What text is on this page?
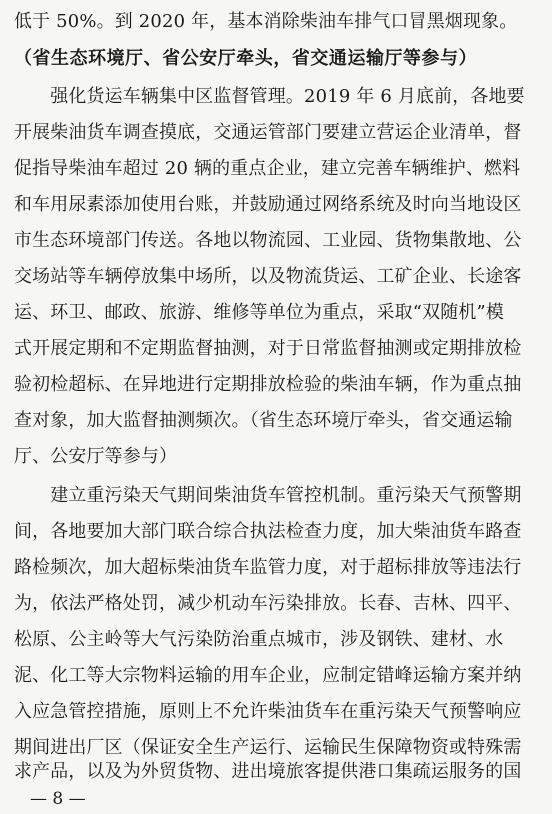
低于 50%。到 2020 年，基本消除柴油车排气口冒黑烟现象。
（省生态环境厅、省公安厅牵头，省交通运输厅等参与）
　　强化货运车辆集中区监督管理。2019 年 6 月底前，各地要
开展柴油货车调查摸底，交通运管部门要建立营运企业清单，督
促指导柴油车超过 20 辆的重点企业，建立完善车辆维护、燃料
和车用尿素添加使用台账，并鼓励通过网络系统及时向当地设区
市生态环境部门传送。各地以物流园、工业园、货物集散地、公
交场站等车辆停放集中场所，以及物流货运、工矿企业、长途客
运、环卫、邮政、旅游、维修等单位为重点，采取“双随机”模
式开展定期和不定期监督抽测，对于日常监督抽测或定期排放检
验初检超标、在异地进行定期排放检验的柴油车辆，作为重点抽
查对象，加大监督抽测频次。（省生态环境厅牵头，省交通运输
厅、公安厅等参与）
　　建立重污染天气期间柴油货车管控机制。重污染天气预警期
间，各地要加大部门联合综合执法检查力度，加大柴油货车路查
路检频次，加大超标柴油货车监管力度，对于超标排放等违法行
为，依法严格处罚，减少机动车污染排放。长春、吉林、四平、
松原、公主岭等大气污染防治重点城市，涉及钢铁、建材、水
泥、化工等大宗物料运输的用车企业，应制定错峰运输方案并纳
入应急管控措施，原则上不允许柴油货车在重污染天气预警响应
期间进出厂区（保证安全生产运行、运输民生保障物资或特殊需
求产品，以及为外贸货物、进出境旅客提供港口集疏运服务的国
— 8 —
